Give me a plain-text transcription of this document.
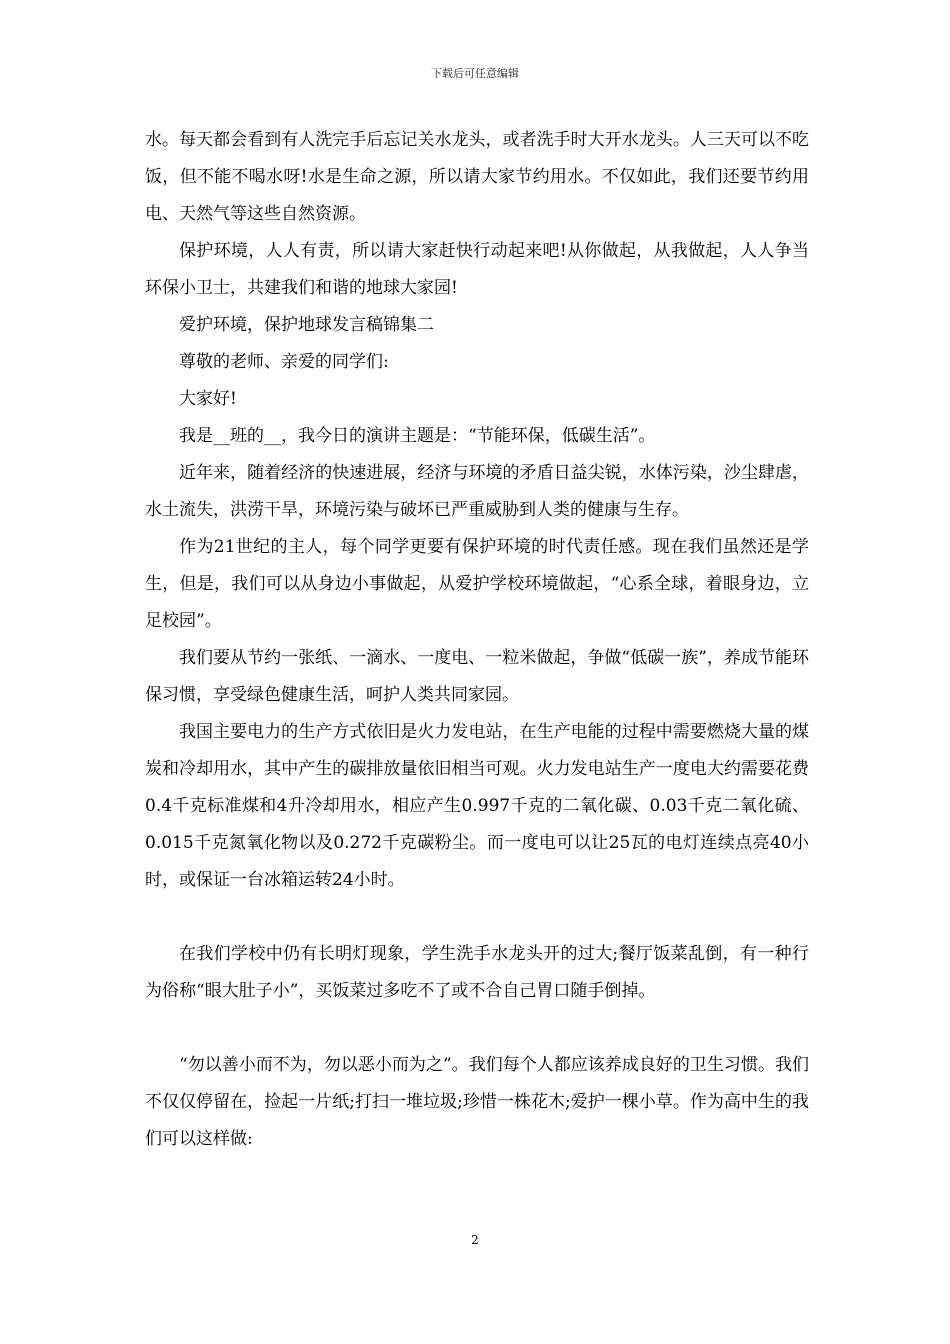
下载后可任意编辑

水。每天都会看到有人洗完手后忘记关水龙头，或者洗手时大开水龙头。人三天可以不吃饭，但不能不喝水呀!水是生命之源，所以请大家节约用水。不仅如此，我们还要节约用电、天然气等这些自然资源。

保护环境，人人有责，所以请大家赶快行动起来吧!从你做起，从我做起，人人争当环保小卫士，共建我们和谐的地球大家园!

爱护环境，保护地球发言稿锦集二

尊敬的老师、亲爱的同学们:

大家好!

我是__班的__，我今日的演讲主题是：“节能环保，低碳生活”。

近年来，随着经济的快速进展，经济与环境的矛盾日益尖锐，水体污染，沙尘肆虐，水土流失，洪涝干旱，环境污染与破坏已严重威胁到人类的健康与生存。

作为21世纪的主人，每个同学更要有保护环境的时代责任感。现在我们虽然还是学生，但是，我们可以从身边小事做起，从爱护学校环境做起，“心系全球，着眼身边，立足校园”。

我们要从节约一张纸、一滴水、一度电、一粒米做起，争做“低碳一族”，养成节能环保习惯，享受绿色健康生活，呵护人类共同家园。

我国主要电力的生产方式依旧是火力发电站，在生产电能的过程中需要燃烧大量的煤炭和冷却用水，其中产生的碳排放量依旧相当可观。火力发电站生产一度电大约需要花费0.4千克标准煤和4升冷却用水，相应产生0.997千克的二氧化碳、0.03千克二氧化硫、0.015千克氮氧化物以及0.272千克碳粉尘。而一度电可以让25瓦的电灯连续点亮40小时，或保证一台冰箱运转24小时。

在我们学校中仍有长明灯现象，学生洗手水龙头开的过大;餐厅饭菜乱倒，有一种行为俗称“眼大肚子小”，买饭菜过多吃不了或不合自己胃口随手倒掉。

“勿以善小而不为，勿以恶小而为之”。我们每个人都应该养成良好的卫生习惯。我们不仅仅停留在，捡起一片纸;打扫一堆垃圾;珍惜一株花木;爱护一棵小草。作为高中生的我们可以这样做:

2
